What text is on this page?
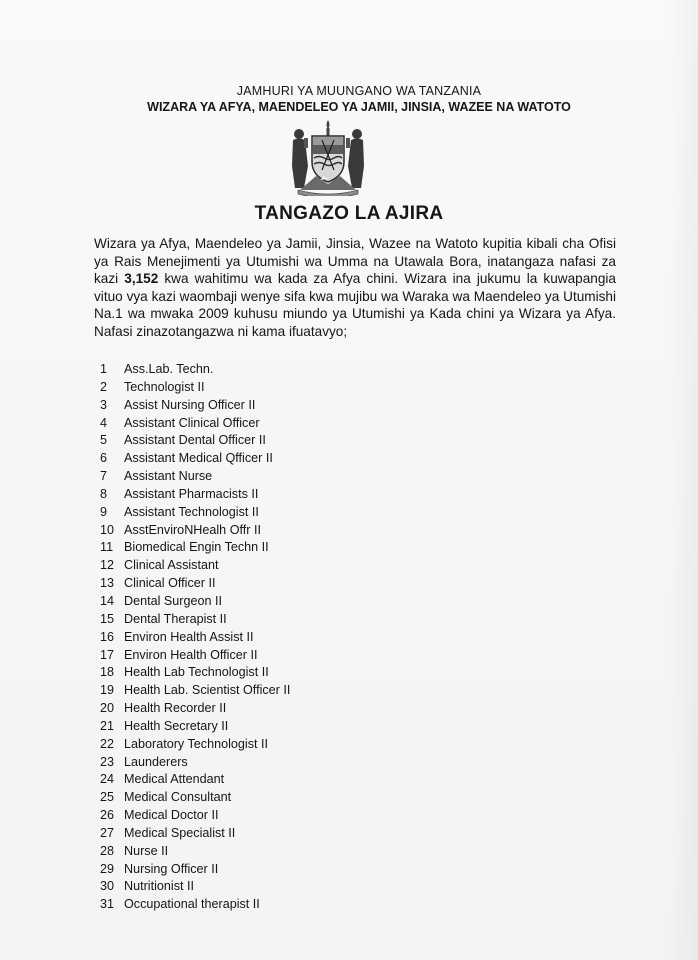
JAMHURI YA MUUNGANO WA TANZANIA
WIZARA YA AFYA, MAENDELEO YA JAMII, JINSIA, WAZEE NA WATOTO
TANGAZO LA AJIRA

Wizara ya Afya, Maendeleo ya Jamii, Jinsia, Wazee na Watoto kupitia kibali cha Ofisi ya Rais Menejimenti ya Utumishi wa Umma na Utawala Bora, inatangaza nafasi za kazi 3,152 kwa wahitimu wa kada za Afya chini. Wizara ina jukumu la kuwapangia vituo vya kazi waombaji wenye sifa kwa mujibu wa Waraka wa Maendeleo ya Utumishi Na.1 wa mwaka 2009 kuhusu miundo ya Utumishi ya Kada chini ya Wizara ya Afya. Nafasi zinazotangazwa ni kama ifuatavyo;

1 Ass.Lab. Techn.
2 Technologist II
3 Assist Nursing Officer II
4 Assistant Clinical Officer
5 Assistant Dental Officer II
6 Assistant Medical Qfficer II
7 Assistant Nurse
8 Assistant Pharmacists II
9 Assistant Technologist II
10 AsstEnviroNHealh Offr II
11 Biomedical Engin Techn II
12 Clinical Assistant
13 Clinical Officer II
14 Dental Surgeon II
15 Dental Therapist II
16 Environ Health Assist II
17 Environ Health Officer II
18 Health Lab Technologist II
19 Health Lab. Scientist Officer II
20 Health Recorder II
21 Health Secretary II
22 Laboratory Technologist II
23 Launderers
24 Medical Attendant
25 Medical Consultant
26 Medical Doctor II
27 Medical Specialist II
28 Nurse II
29 Nursing Officer II
30 Nutritionist II
31 Occupational therapist II
